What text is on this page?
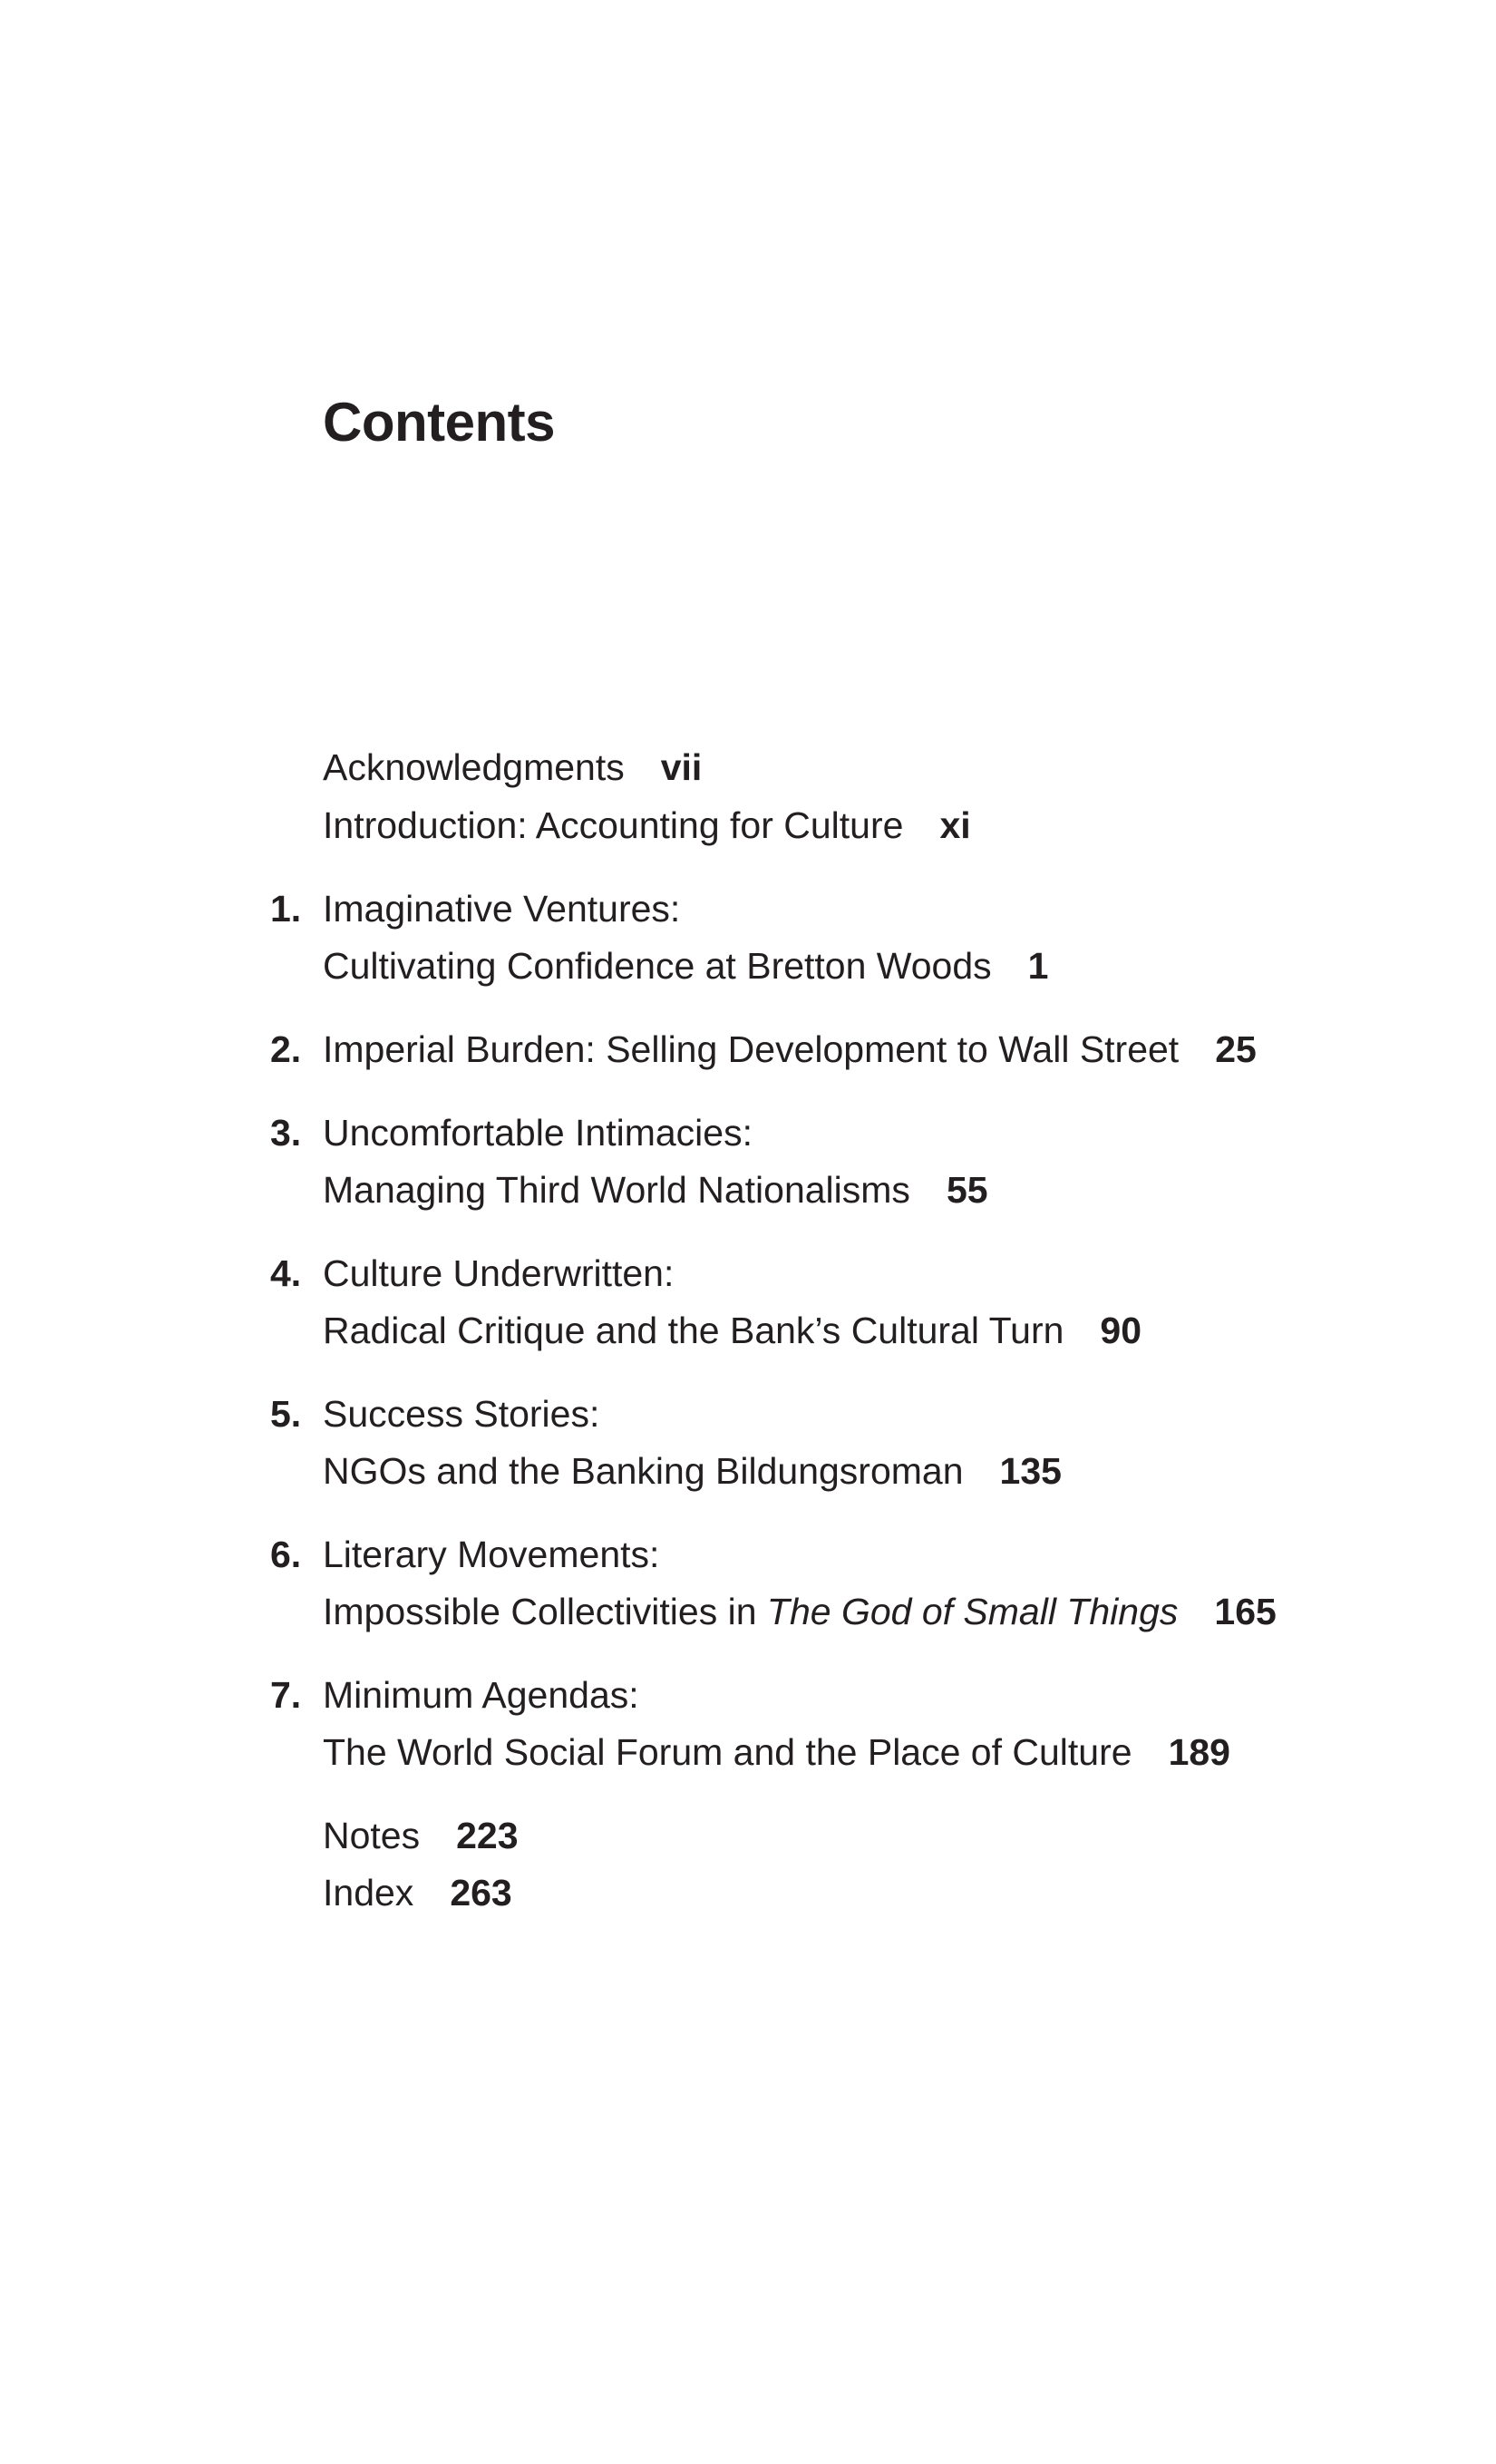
Contents
Acknowledgments vii
Introduction: Accounting for Culture xi
1. Imaginative Ventures:
Cultivating Confidence at Bretton Woods 1
2. Imperial Burden: Selling Development to Wall Street 25
3. Uncomfortable Intimacies:
Managing Third World Nationalisms 55
4. Culture Underwritten:
Radical Critique and the Bank’s Cultural Turn 90
5. Success Stories:
NGOs and the Banking Bildungsroman 135
6. Literary Movements:
Impossible Collectivities in The God of Small Things 165
7. Minimum Agendas:
The World Social Forum and the Place of Culture 189
Notes 223
Index 263
